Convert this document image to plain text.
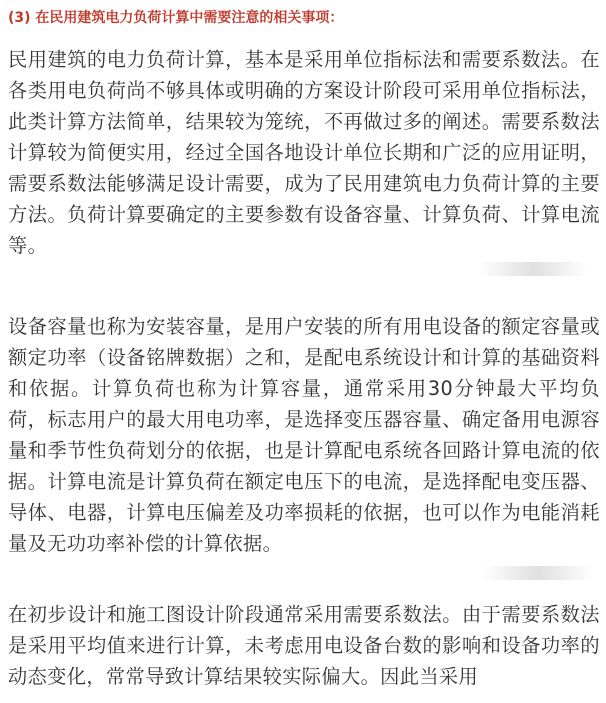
(3) 在民用建筑电力负荷计算中需要注意的相关事项：

民用建筑的电力负荷计算，基本是采用单位指标法和需要系数法。在各类用电负荷尚不够具体或明确的方案设计阶段可采用单位指标法，此类计算方法简单，结果较为笼统，不再做过多的阐述。需要系数法计算较为简便实用，经过全国各地设计单位长期和广泛的应用证明，需要系数法能够满足设计需要，成为了民用建筑电力负荷计算的主要方法。负荷计算要确定的主要参数有设备容量、计算负荷、计算电流等。

设备容量也称为安装容量，是用户安装的所有用电设备的额定容量或额定功率（设备铭牌数据）之和，是配电系统设计和计算的基础资料和依据。计算负荷也称为计算容量，通常采用30分钟最大平均负荷，标志用户的最大用电功率，是选择变压器容量、确定备用电源容量和季节性负荷划分的依据，也是计算配电系统各回路计算电流的依据。计算电流是计算负荷在额定电压下的电流，是选择配电变压器、导体、电器，计算电压偏差及功率损耗的依据，也可以作为电能消耗量及无功功率补偿的计算依据。

在初步设计和施工图设计阶段通常采用需要系数法。由于需要系数法是采用平均值来进行计算，未考虑用电设备台数的影响和设备功率的动态变化，常常导致计算结果较实际偏大。因此当采用
